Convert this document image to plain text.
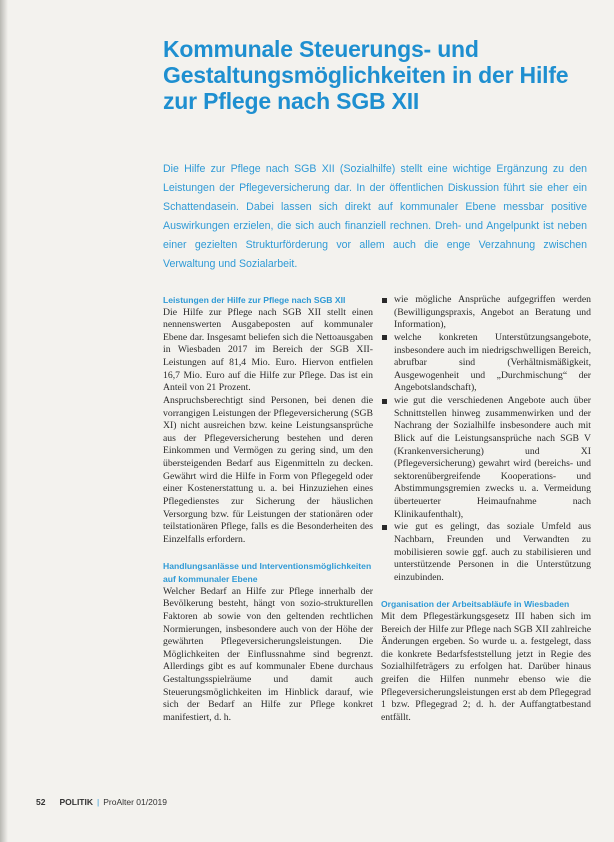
Kommunale Steuerungs- und Gestaltungsmöglichkeiten in der Hilfe zur Pflege nach SGB XII

Die Hilfe zur Pflege nach SGB XII (Sozialhilfe) stellt eine wichtige Ergänzung zu den Leistungen der Pflegeversicherung dar. In der öffentlichen Diskussion führt sie eher ein Schattendasein. Dabei lassen sich direkt auf kommunaler Ebene messbar positive Auswirkungen erzielen, die sich auch finanziell rechnen. Dreh- und Angelpunkt ist neben einer gezielten Strukturförderung vor allem auch die enge Verzahnung zwischen Verwaltung und Sozialarbeit.

Leistungen der Hilfe zur Pflege nach SGB XII

Die Hilfe zur Pflege nach SGB XII stellt einen nennenswerten Ausgabeposten auf kommunaler Ebene dar. Insgesamt beliefen sich die Nettoausgaben in Wiesbaden 2017 im Bereich der SGB XII-Leistungen auf 81,4 Mio. Euro. Hiervon entfielen 16,7 Mio. Euro auf die Hilfe zur Pflege. Das ist ein Anteil von 21 Prozent.

Anspruchsberechtigt sind Personen, bei denen die vorrangigen Leistungen der Pflegeversicherung (SGB XI) nicht ausreichen bzw. keine Leistungsansprüche aus der Pflegeversicherung bestehen und deren Einkommen und Vermögen zu gering sind, um den übersteigenden Bedarf aus Eigenmitteln zu decken. Gewährt wird die Hilfe in Form von Pflegegeld oder einer Kostenerstattung u. a. bei Hinzuziehen eines Pflegedienstes zur Sicherung der häuslichen Versorgung bzw. für Leistungen der stationären oder teilstationären Pflege, falls es die Besonderheiten des Einzelfalls erfordern.

Handlungsanlässe und Interventionsmöglichkeiten auf kommunaler Ebene

Welcher Bedarf an Hilfe zur Pflege innerhalb der Bevölkerung besteht, hängt von sozio-strukturellen Faktoren ab sowie von den geltenden rechtlichen Normierungen, insbesondere auch von der Höhe der gewährten Pflegeversicherungsleistungen. Die Möglichkeiten der Einflussnahme sind begrenzt. Allerdings gibt es auf kommunaler Ebene durchaus Gestaltungsspielräume und damit auch Steuerungsmöglichkeiten im Hinblick darauf, wie sich der Bedarf an Hilfe zur Pflege konkret manifestiert, d. h.

wie mögliche Ansprüche aufgegriffen werden (Bewilligungspraxis, Angebot an Beratung und Information),
welche konkreten Unterstützungsangebote, insbesondere auch im niedrigschwelligen Bereich, abrufbar sind (Verhältnismäßigkeit, Ausgewogenheit und „Durchmischung“ der Angebotslandschaft),
wie gut die verschiedenen Angebote auch über Schnittstellen hinweg zusammenwirken und der Nachrang der Sozialhilfe insbesondere auch mit Blick auf die Leistungsansprüche nach SGB V (Krankenversicherung) und XI (Pflegeversicherung) gewahrt wird (bereichs- und sektorenübergreifende Kooperations- und Abstimmungsgremien zwecks u. a. Vermeidung überteuerter Heimaufnahme nach Klinikaufenthalt),
wie gut es gelingt, das soziale Umfeld aus Nachbarn, Freunden und Verwandten zu mobilisieren sowie ggf. auch zu stabilisieren und unterstützende Personen in die Unterstützung einzubinden.

Organisation der Arbeitsabläufe in Wiesbaden

Mit dem Pflegestärkungsgesetz III haben sich im Bereich der Hilfe zur Pflege nach SGB XII zahlreiche Änderungen ergeben. So wurde u. a. festgelegt, dass die konkrete Bedarfsfeststellung jetzt in Regie des Sozialhilfeträgers zu erfolgen hat. Darüber hinaus greifen die Hilfen nunmehr ebenso wie die Pflegeversicherungsleistungen erst ab dem Pflegegrad 1 bzw. Pflegegrad 2; d. h. der Auffangtatbestand entfällt.

52 POLITIK | ProAlter 01/2019
